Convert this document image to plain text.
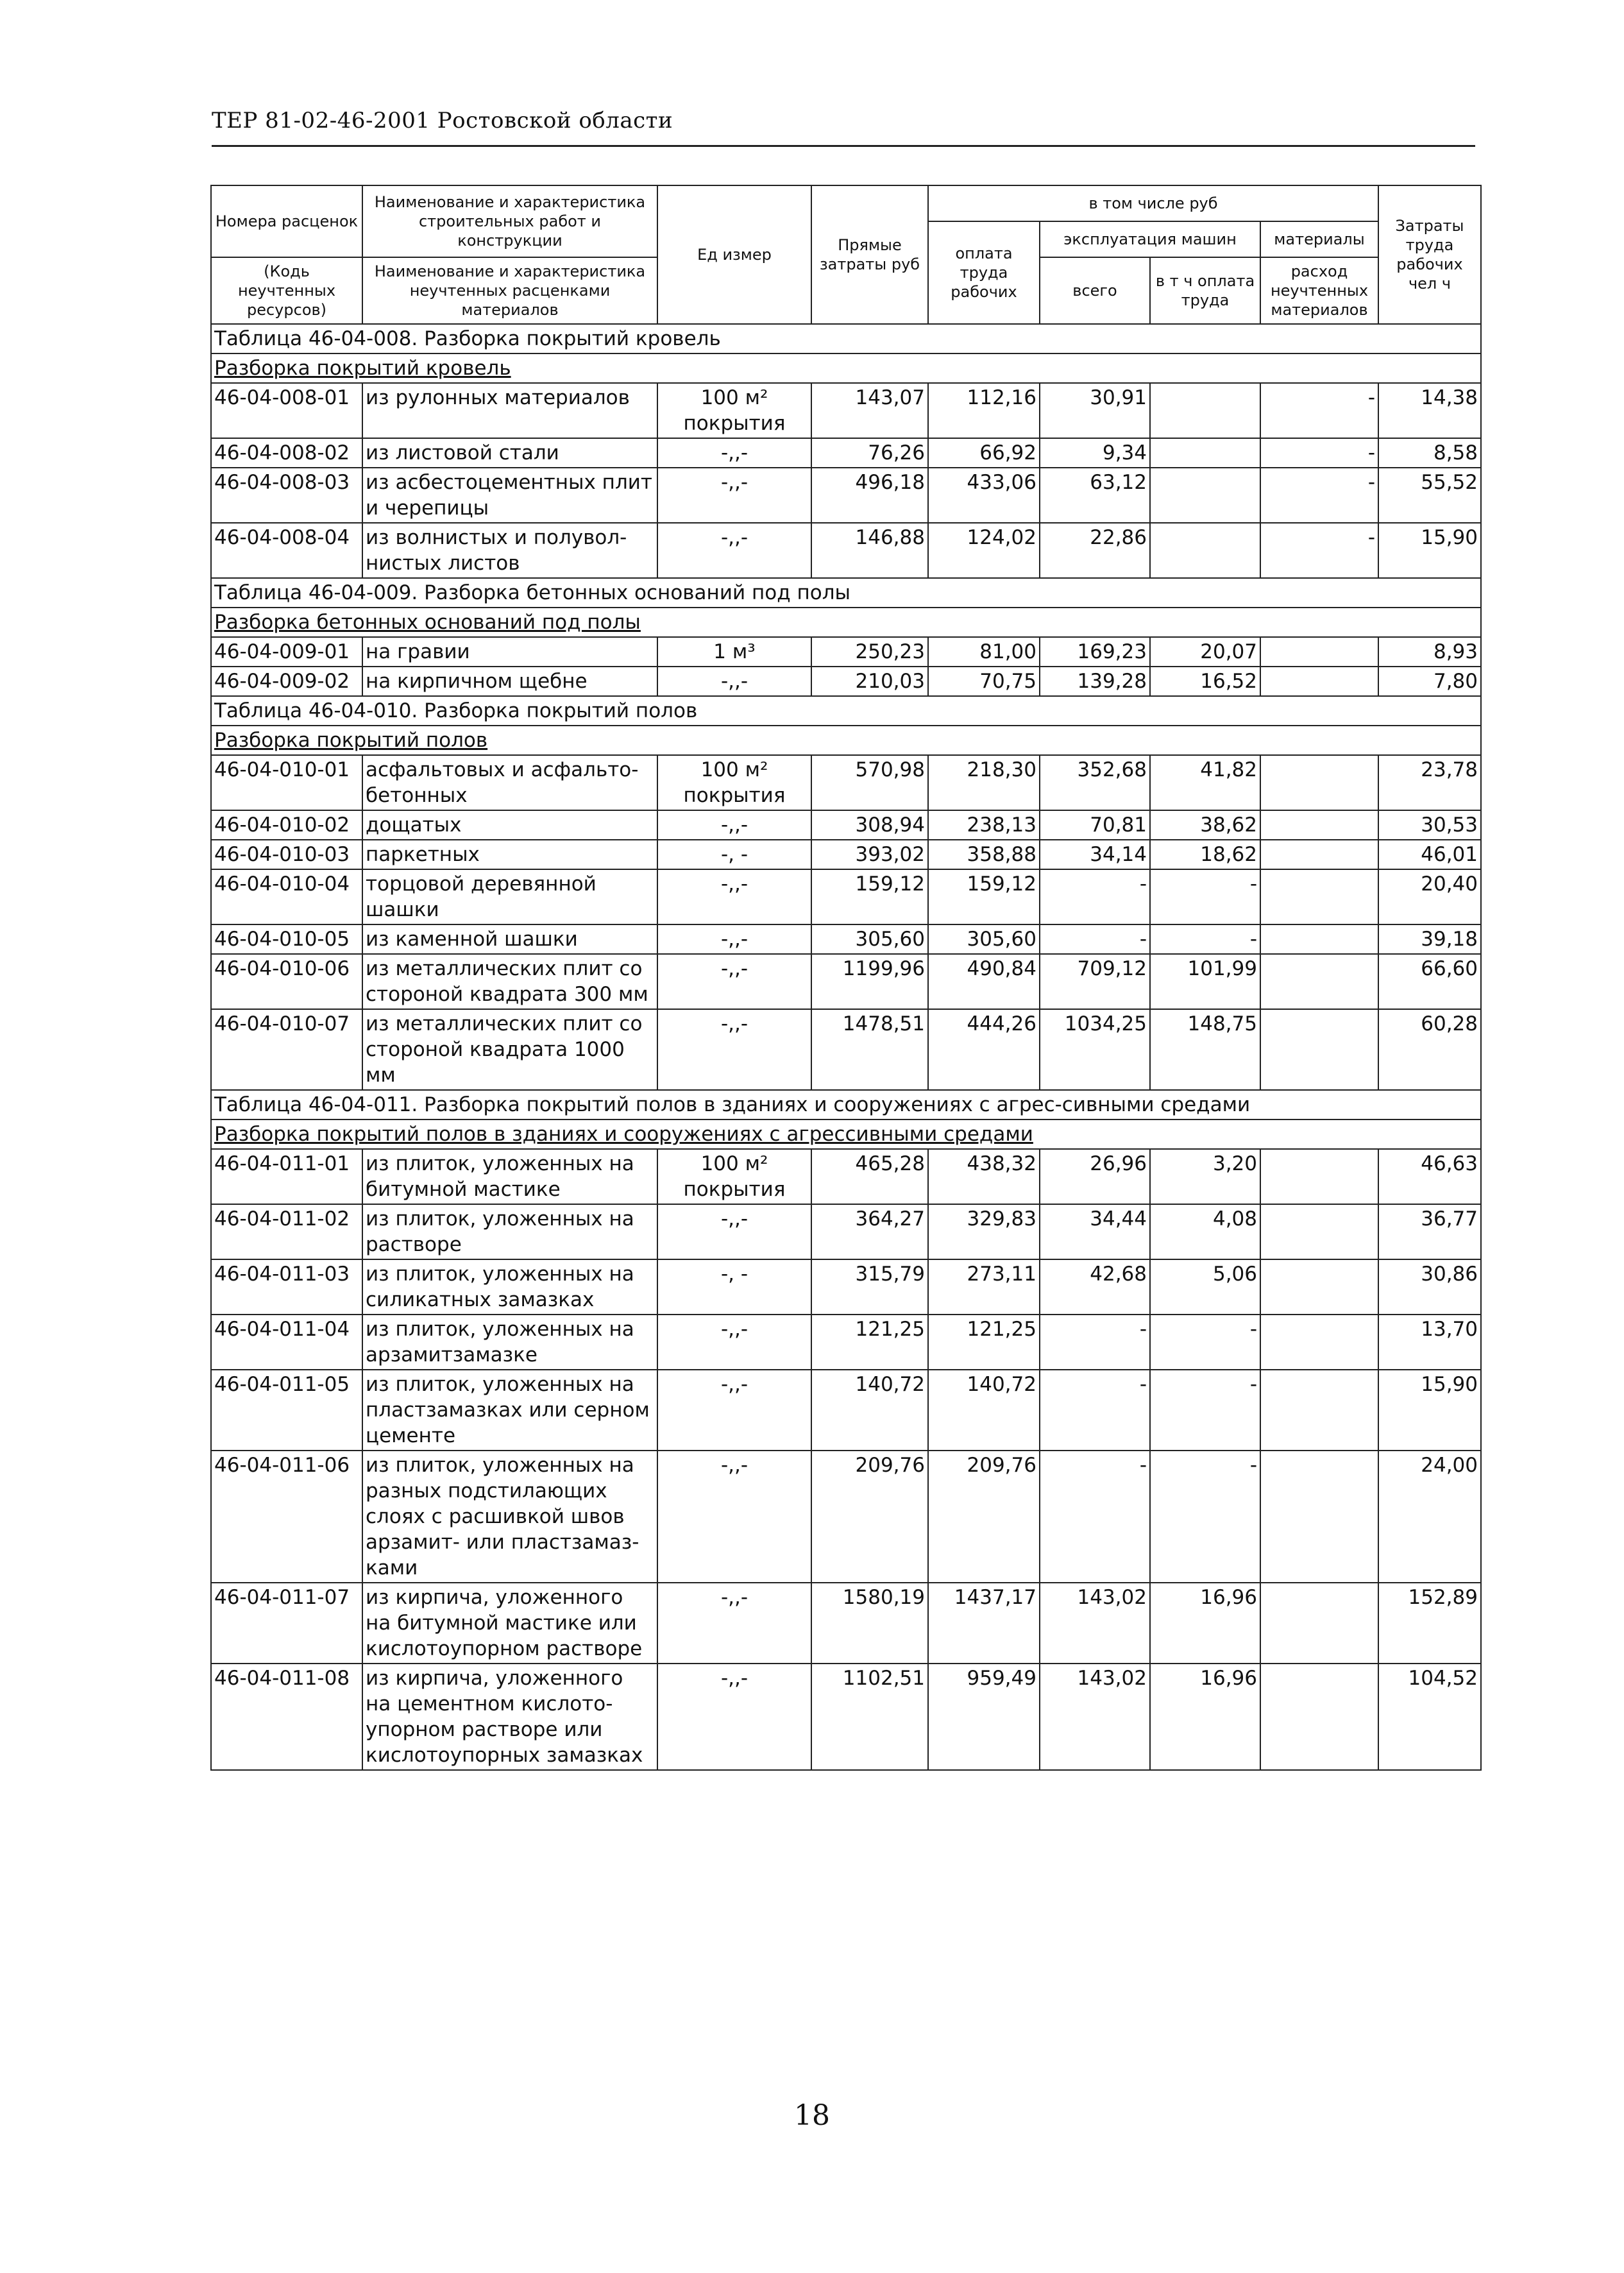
ТЕР 81-02-46-2001 Ростовской области
Номера расценок	Наименование и характеристика строительных работ и конструкции	Ед измер	Прямые затраты руб	в том числе руб				Затраты труда рабочих чел ч
				оплата труда рабочих	эксплуатация машин		материалы	
(Кодь неучтенных ресурсов)	Наименование и характеристика неучтенных расценками материалов				всего	в т ч оплата труда	расход неучтенных материалов	

Таблица 46-04-008. Разборка покрытий кровель								
Разборка покрытий кровель								
46-04-008-01	из рулонных материалов	100 м² покрытия	143,07	112,16	30,91		-	14,38
46-04-008-02	из листовой стали	-,,-	76,26	66,92	9,34		-	8,58
46-04-008-03	из асбестоцементных плит и черепицы	-,,-	496,18	433,06	63,12		-	55,52
46-04-008-04	из волнистых и полувол-нистых листов	-,,-	146,88	124,02	22,86		-	15,90
Таблица 46-04-009. Разборка бетонных оснований под полы								
Разборка бетонных оснований под полы								
46-04-009-01	на гравии	1 м³	250,23	81,00	169,23	20,07		8,93
46-04-009-02	на кирпичном щебне	-,,-	210,03	70,75	139,28	16,52		7,80
Таблица 46-04-010. Разборка покрытий полов								
Разборка покрытий полов								
46-04-010-01	асфальтовых и асфальто-бетонных	100 м² покрытия	570,98	218,30	352,68	41,82		23,78
46-04-010-02	дощатых	-,,-	308,94	238,13	70,81	38,62		30,53
46-04-010-03	паркетных	-, -	393,02	358,88	34,14	18,62		46,01
46-04-010-04	торцовой деревянной шашки	-,,-	159,12	159,12	-	-		20,40
46-04-010-05	из каменной шашки	-,,-	305,60	305,60	-	-		39,18
46-04-010-06	из металлических плит со стороной квадрата 300 мм	-,,-	1199,96	490,84	709,12	101,99		66,60
46-04-010-07	из металлических плит со стороной квадрата 1000 мм	-,,-	1478,51	444,26	1034,25	148,75		60,28
Таблица 46-04-011. Разборка покрытий полов в зданиях и сооружениях с агрес-сивными средами								
Разборка покрытий полов в зданиях и сооружениях с агрессивными средами								
46-04-011-01	из плиток, уложенных на битумной мастике	100 м² покрытия	465,28	438,32	26,96	3,20		46,63
46-04-011-02	из плиток, уложенных на растворе	-,,-	364,27	329,83	34,44	4,08		36,77
46-04-011-03	из плиток, уложенных на силикатных замазках	-, -	315,79	273,11	42,68	5,06		30,86
46-04-011-04	из плиток, уложенных на арзамитзамазке	-,,-	121,25	121,25	-	-		13,70
46-04-011-05	из плиток, уложенных на пластзамазках или серном цементе	-,,-	140,72	140,72	-	-		15,90
46-04-011-06	из плиток, уложенных на разных подстилающих слоях с расшивкой швов арзамит- или пластзамаз-ками	-,,-	209,76	209,76	-	-		24,00
46-04-011-07	из кирпича, уложенного на битумной мастике или кислотоупорном растворе	-,,-	1580,19	1437,17	143,02	16,96		152,89
46-04-011-08	из кирпича, уложенного на цементном кислото-упорном растворе или кислотоупорных замазках	-,,-	1102,51	959,49	143,02	16,96		104,52
18
